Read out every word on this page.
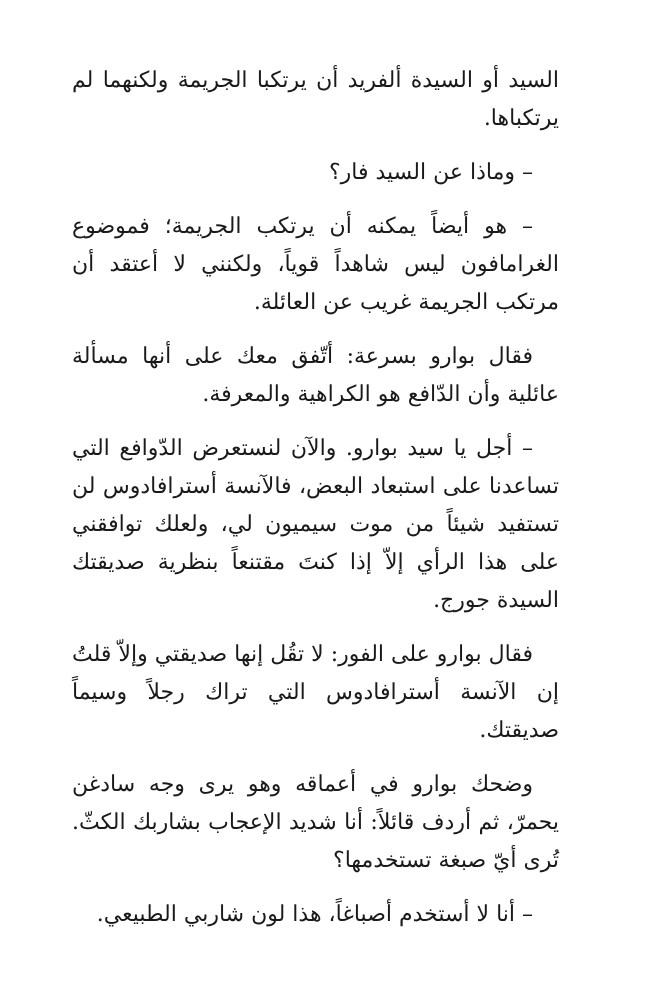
السيد أو السيدة ألفريد أن يرتكبا الجريمة ولكنهما لم يرتكباها.

– وماذا عن السيد فار؟

– هو أيضاً يمكنه أن يرتكب الجريمة؛ فموضوع الغرامافون ليس شاهداً قوياً، ولكنني لا أعتقد أن مرتكب الجريمة غريب عن العائلة.

فقال بوارو بسرعة: أتّفق معك على أنها مسألة عائلية وأن الدّافع هو الكراهية والمعرفة.

– أجل يا سيد بوارو. والآن لنستعرض الدّوافع التي تساعدنا على استبعاد البعض، فالآنسة أسترافادوس لن تستفيد شيئاً من موت سيميون لي، ولعلك توافقني على هذا الرأي إلاّ إذا كنتَ مقتنعاً بنظرية صديقتك السيدة جورج.

فقال بوارو على الفور: لا تقُل إنها صديقتي وإلاّ قلتُ إن الآنسة أسترافادوس التي تراك رجلاً وسيماً صديقتك.

وضحك بوارو في أعماقه وهو يرى وجه سادغن يحمرّ، ثم أردف قائلاً: أنا شديد الإعجاب بشاربك الكثّ. تُرى أيّ صبغة تستخدمها؟

– أنا لا أستخدم أصباغاً، هذا لون شاربي الطبيعي.
